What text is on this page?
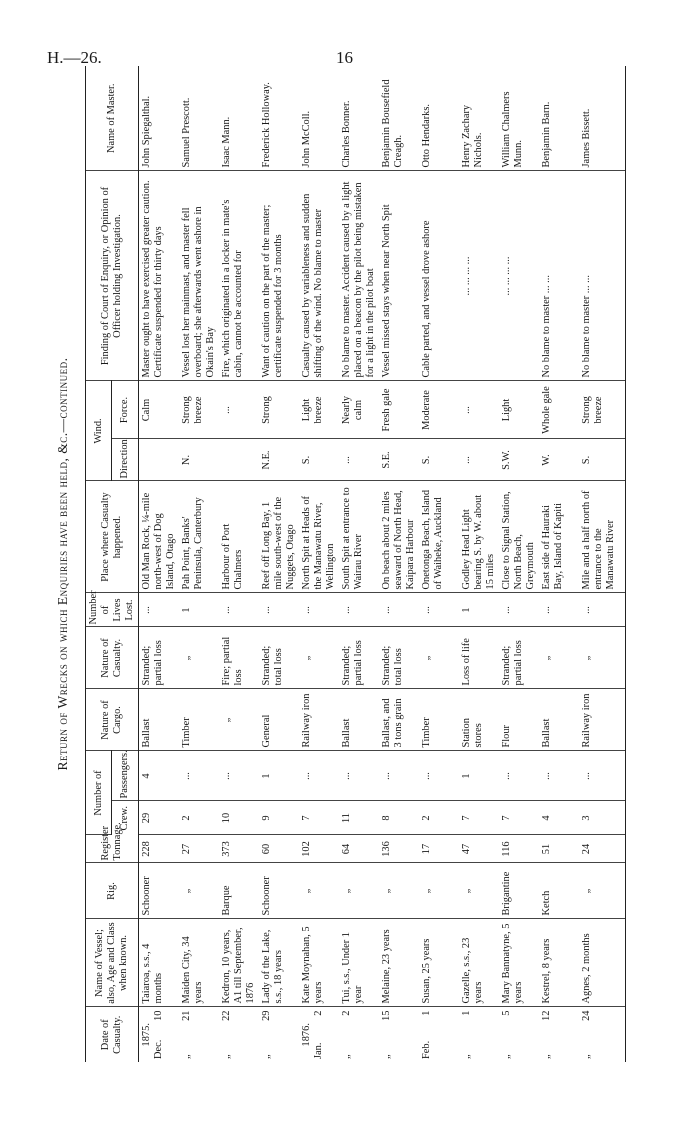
H.—26.	16
Return of Wrecks on which Enquiries have been held, &c.—continued.
Date of Casualty.	Name of Vessel; also, Age and Class when known.	Rig.	Register Tonnage.	Number of		Nature of Cargo.	Nature of Casualty.	Number of Lives Lost.	Place where Casualty happened.	Wind.		Finding of Court of Enquiry, or Opinion of Officer holding Investigation.	Name of Master.
				Crew.	Passengers.					Direction	Force.		

1875.
Dec.
10	Taiaroa, s.s., 4 months	Schooner	228	29	4	Ballast	Stranded; partial loss	...	Old Man Rock, ¼-mile north-west of Dog Island, Otago		Calm	Master ought to have exercised greater caution. Certificate suspended for thirty days	John Spiegalthal.

„
21	Maiden City, 34 years	„	27	2	...	Timber	„	1	Pah Point, Banks' Peninsula, Canterbury	N.	Strong breeze	Vessel lost her mainmast, and master fell overboard; she afterwards went ashore in Okain's Bay	Samuel Prescott.

„
22	Kedron, 10 years, A1 till September, 1876	Barque	373	10	...	„	Fire; partial loss	...	Harbour of Port Chalmers		...	Fire, which originated in a locker in mate's cabin, cannot be accounted for	Isaac Mann.

„
29	Lady of the Lake, s.s., 18 years	Schooner	60	9	1	General	Stranded; total loss	...	Reef off Long Bay, 1 mile south-west of the Nuggets, Otago	N.E.	Strong	Want of caution on the part of the master; certificate suspended for 3 months	Frederick Holloway.

1876.
Jan.
2	Kate Moynahan, 5 years	„	102	7	...	Railway iron	„	...	North Spit at Heads of the Manawatu River, Wellington	S.	Light breeze	Casualty caused by variableness and sudden shifting of the wind. No blame to master	John McColl.

„
2	Tui, s.s., Under 1 year	„	64	11	...	Ballast	Stranded; partial loss	...	South Spit at entrance to Wairau River	...	Nearly calm	No blame to master. Accident caused by a light placed on a beacon by the pilot being mistaken for a light in the pilot boat	Charles Bonner.

„
15	Melaine, 23 years	„	136	8	...	Ballast, and 3 tons grain	Stranded; total loss	...	On beach about 2 miles seaward of North Head, Kaipara Harbour	S.E.	Fresh gale	Vessel missed stays when near North Spit	Benjamin Bousefield Creagh.

Feb.
1	Susan, 25 years	„	17	2	...	Timber	„	...	Onetonga Beach, Island of Waiheke, Auckland	S.	Moderate	Cable parted, and vessel drove ashore	Otto Hendarks.

„
1	Gazelle, s.s., 23 years	„	47	7	1	Station stores	Loss of life	1	Godley Head Light bearing S. by W. about 15 miles	...	...	... ... ... ...	Henry Zachary Nichols.

„
5	Mary Bannatyne, 5 years	Brigantine	116	7	...	Flour	Stranded; partial loss	...	Close to Signal Station, North Beach, Greymouth	S.W.	Light	... ... ... ...	William Chalmers Munn.

„
12	Kestrel, 8 years	Ketch	51	4	...	Ballast	„	...	East side of Hauraki Bay, Island of Kapiti	W.	Whole gale	No blame to master ... ...	Benjamin Barn.

„
24	Agnes, 2 months	„	24	3	...	Railway iron	„	...	Mile and a half north of entrance to the Manawatu River	S.	Strong breeze	No blame to master ... ...	James Bissett.
